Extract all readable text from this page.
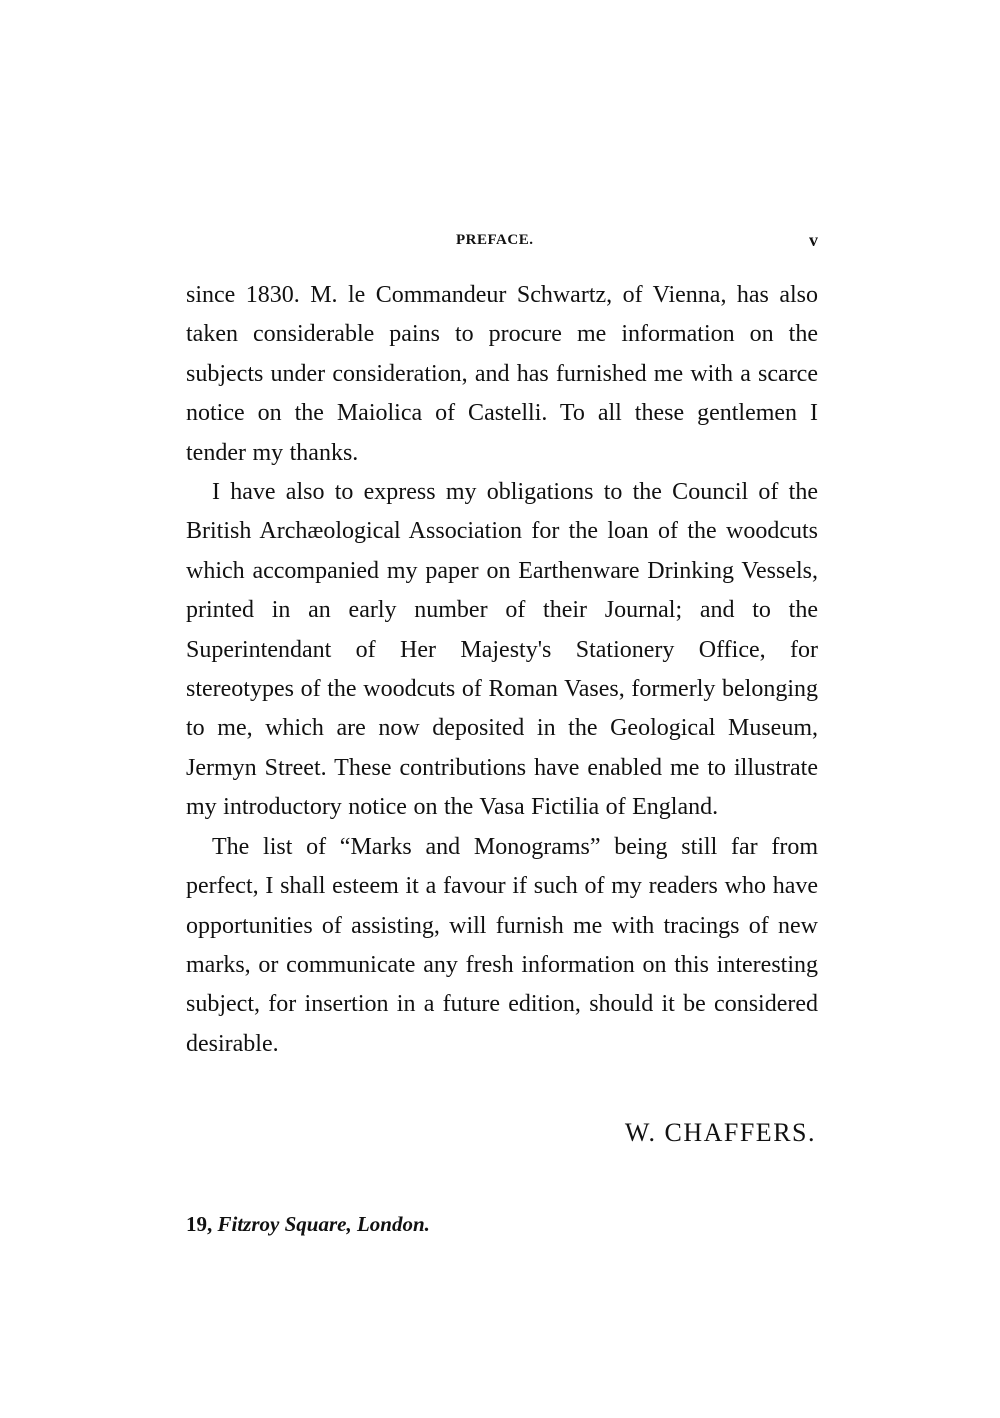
PREFACE.	v

since 1830. M. le Commandeur Schwartz, of Vienna, has also taken considerable pains to procure me information on the subjects under consideration, and has furnished me with a scarce notice on the Maiolica of Castelli. To all these gentlemen I tender my thanks.

I have also to express my obligations to the Council of the British Archæological Association for the loan of the woodcuts which accompanied my paper on Earthenware Drinking Vessels, printed in an early number of their Journal; and to the Superintendant of Her Majesty's Stationery Office, for stereotypes of the woodcuts of Roman Vases, formerly belonging to me, which are now deposited in the Geological Museum, Jermyn Street. These contributions have enabled me to illustrate my introductory notice on the Vasa Fictilia of England.

The list of “Marks and Monograms” being still far from perfect, I shall esteem it a favour if such of my readers who have opportunities of assisting, will furnish me with tracings of new marks, or communicate any fresh information on this interesting subject, for insertion in a future edition, should it be considered desirable.

W. CHAFFERS.
19, Fitzroy Square, London.
